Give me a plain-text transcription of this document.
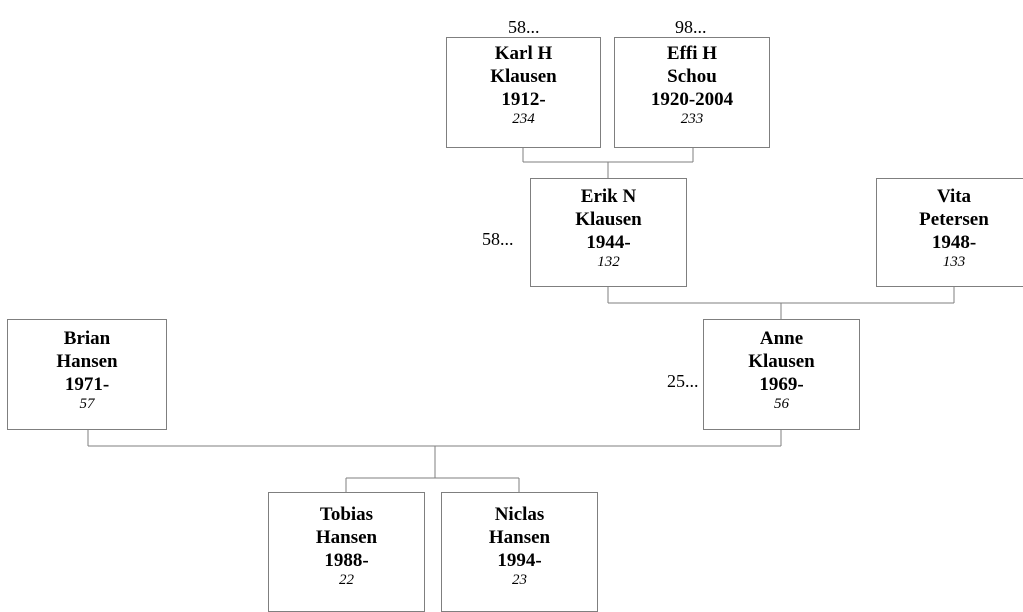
Karl H
Klausen
1912-
234
58...
Effi H
Schou
1920-2004
233
98...
Erik N
Klausen
1944-
132
58...
Vita
Petersen
1948-
133
Brian
Hansen
1971-
57
Anne
Klausen
1969-
56
25...
Tobias
Hansen
1988-
22
Niclas
Hansen
1994-
23
